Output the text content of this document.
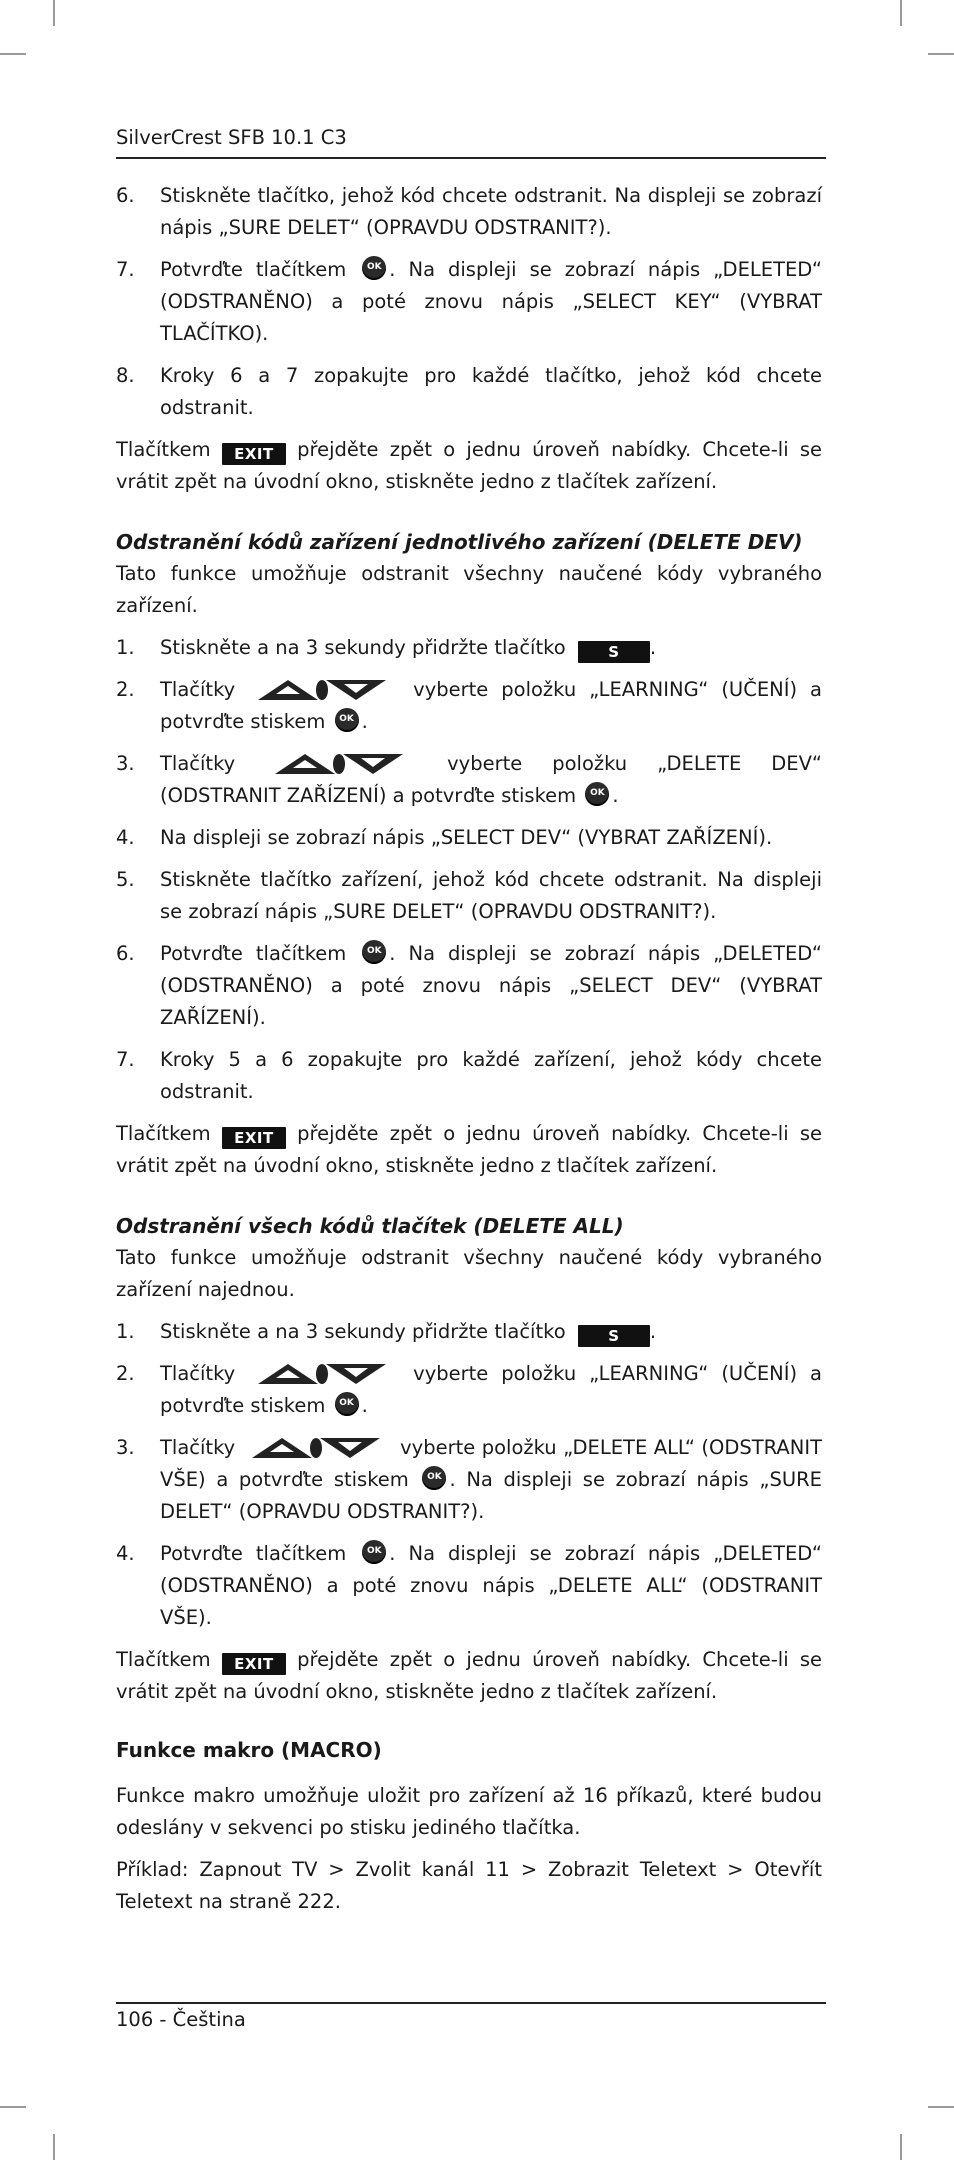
SilverCrest SFB 10.1 C3
6. Stiskněte tlačítko, jehož kód chcete odstranit. Na displeji se zobrazí nápis „SURE DELET“ (OPRAVDU ODSTRANIT?).
7. Potvrďte tlačítkem OK . Na displeji se zobrazí nápis „DELETED“ (ODSTRANĚNO) a poté znovu nápis „SELECT KEY“ (VYBRAT TLAČÍTKO).
8. Kroky 6 a 7 zopakujte pro každé tlačítko, jehož kód chcete odstranit.

Tlačítkem EXIT přejděte zpět o jednu úroveň nabídky. Chcete-li se vrátit zpět na úvodní okno, stiskněte jedno z tlačítek zařízení.

Odstranění kódů zařízení jednotlivého zařízení (DELETE DEV)

Tato funkce umožňuje odstranit všechny naučené kódy vybraného zařízení.

1. Stiskněte a na 3 sekundy přidržte tlačítko	S .
2. Tlačítky	vyberte položku „LEARNING“ (UČENÍ) a potvrďte stiskem OK .
3. Tlačítky	vyberte položku „DELETE DEV“ (ODSTRANIT ZAŘÍZENÍ) a potvrďte stiskem OK .
4. Na displeji se zobrazí nápis „SELECT DEV“ (VYBRAT ZAŘÍZENÍ).
5. Stiskněte tlačítko zařízení, jehož kód chcete odstranit. Na displeji se zobrazí nápis „SURE DELET“ (OPRAVDU ODSTRANIT?).
6. Potvrďte tlačítkem OK . Na displeji se zobrazí nápis „DELETED“ (ODSTRANĚNO) a poté znovu nápis „SELECT DEV“ (VYBRAT ZAŘÍZENÍ).
7. Kroky 5 a 6 zopakujte pro každé zařízení, jehož kódy chcete odstranit.

Tlačítkem EXIT přejděte zpět o jednu úroveň nabídky. Chcete-li se vrátit zpět na úvodní okno, stiskněte jedno z tlačítek zařízení.

Odstranění všech kódů tlačítek (DELETE ALL)

Tato funkce umožňuje odstranit všechny naučené kódy vybraného zařízení najednou.

1. Stiskněte a na 3 sekundy přidržte tlačítko	S .
2. Tlačítky	vyberte položku „LEARNING“ (UČENÍ) a potvrďte stiskem OK .
3. Tlačítky	vyberte položku „DELETE ALL“ (ODSTRANIT VŠE) a potvrďte stiskem OK . Na displeji se zobrazí nápis „SURE DELET“ (OPRAVDU ODSTRANIT?).
4. Potvrďte tlačítkem OK . Na displeji se zobrazí nápis „DELETED“ (ODSTRANĚNO) a poté znovu nápis „DELETE ALL“ (ODSTRANIT VŠE).

Tlačítkem EXIT přejděte zpět o jednu úroveň nabídky. Chcete-li se vrátit zpět na úvodní okno, stiskněte jedno z tlačítek zařízení.

Funkce makro (MACRO)

Funkce makro umožňuje uložit pro zařízení až 16 příkazů, které budou odeslány v sekvenci po stisku jediného tlačítka.

Příklad: Zapnout TV > Zvolit kanál 11 > Zobrazit Teletext > Otevřít Teletext na straně 222.

106 - Čeština
